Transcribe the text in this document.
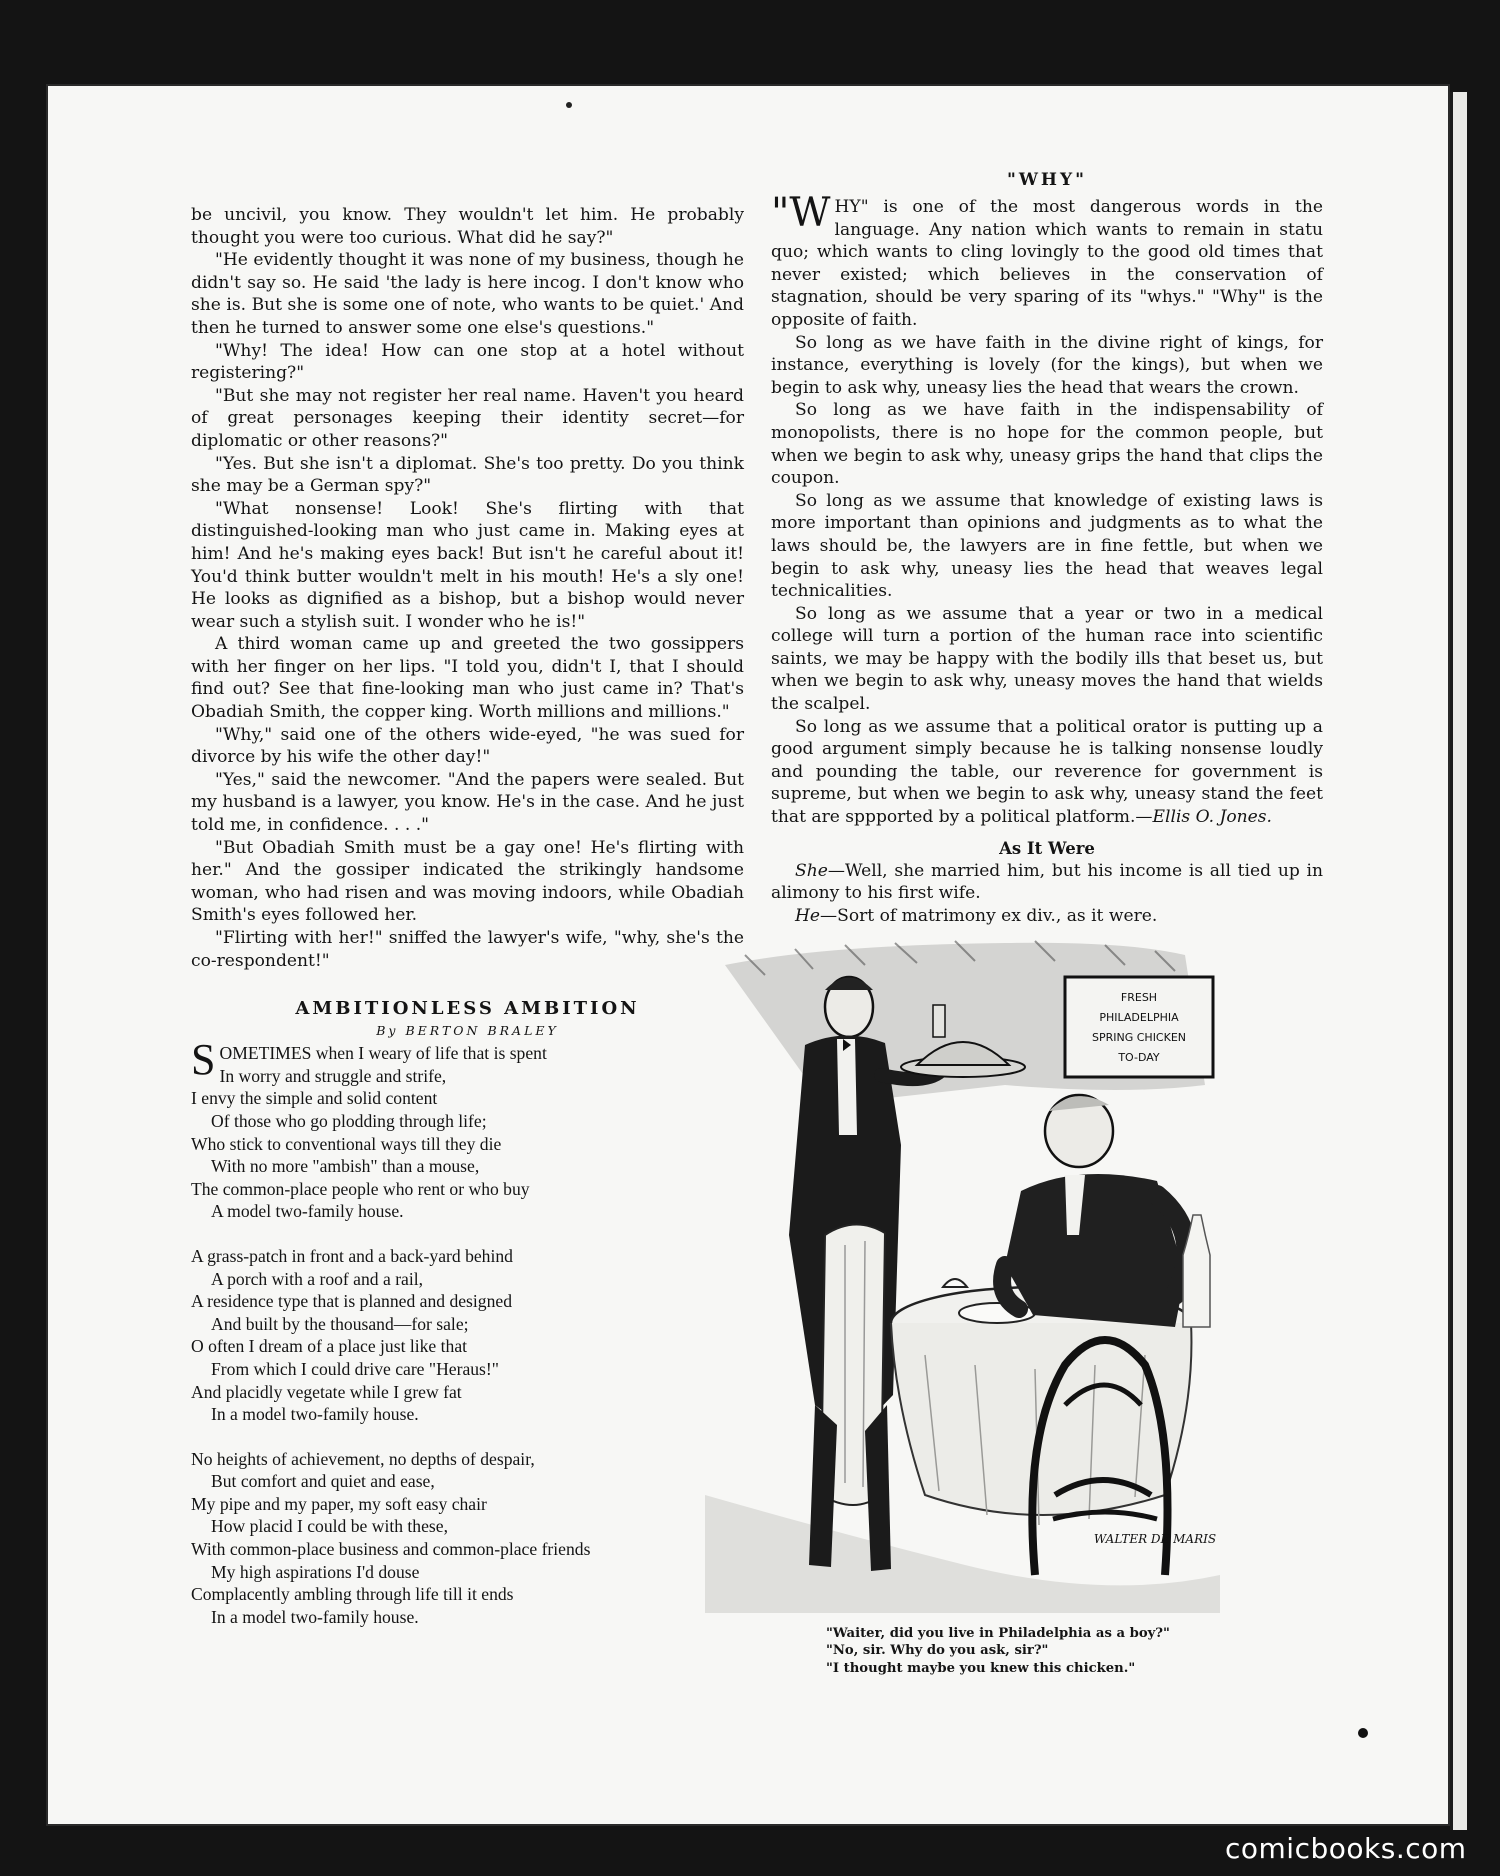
be uncivil, you know. They wouldn't let him. He probably thought you were too curious. What did he say?"

"He evidently thought it was none of my business, though he didn't say so. He said 'the lady is here incog. I don't know who she is. But she is some one of note, who wants to be quiet.' And then he turned to answer some one else's questions."

"Why! The idea! How can one stop at a hotel without registering?"

"But she may not register her real name. Haven't you heard of great personages keeping their identity secret—for diplomatic or other reasons?"

"Yes. But she isn't a diplomat. She's too pretty. Do you think she may be a German spy?"

"What nonsense! Look! She's flirting with that distinguished-looking man who just came in. Making eyes at him! And he's making eyes back! But isn't he careful about it! You'd think butter wouldn't melt in his mouth! He's a sly one! He looks as dignified as a bishop, but a bishop would never wear such a stylish suit. I wonder who he is!"

A third woman came up and greeted the two gossippers with her finger on her lips. "I told you, didn't I, that I should find out? See that fine-looking man who just came in? That's Obadiah Smith, the copper king. Worth millions and millions."

"Why," said one of the others wide-eyed, "he was sued for divorce by his wife the other day!"

"Yes," said the newcomer. "And the papers were sealed. But my husband is a lawyer, you know. He's in the case. And he just told me, in confidence. . . ."

"But Obadiah Smith must be a gay one! He's flirting with her." And the gossiper indicated the strikingly handsome woman, who had risen and was moving indoors, while Obadiah Smith's eyes followed her.

"Flirting with her!" sniffed the lawyer's wife, "why, she's the co-respondent!"

AMBITIONLESS AMBITION
By BERTON BRALEY
SOMETIMES when I weary of life that is spent
In worry and struggle and strife,
I envy the simple and solid content
Of those who go plodding through life;
Who stick to conventional ways till they die
With no more "ambish" than a mouse,
The common-place people who rent or who buy
A model two-family house.
A grass-patch in front and a back-yard behind
A porch with a roof and a rail,
A residence type that is planned and designed
And built by the thousand—for sale;
O often I dream of a place just like that
From which I could drive care "Heraus!"
And placidly vegetate while I grew fat
In a model two-family house.
No heights of achievement, no depths of despair,
But comfort and quiet and ease,
My pipe and my paper, my soft easy chair
How placid I could be with these,
With common-place business and common-place friends
My high aspirations I'd douse
Complacently ambling through life till it ends
In a model two-family house.
"WHY"

"WHY" is one of the most dangerous words in the language. Any nation which wants to remain in statu quo; which wants to cling lovingly to the good old times that never existed; which believes in the conservation of stagnation, should be very sparing of its "whys." "Why" is the opposite of faith.

So long as we have faith in the divine right of kings, for instance, everything is lovely (for the kings), but when we begin to ask why, uneasy lies the head that wears the crown.

So long as we have faith in the indispensability of monopolists, there is no hope for the common people, but when we begin to ask why, uneasy grips the hand that clips the coupon.

So long as we assume that knowledge of existing laws is more important than opinions and judgments as to what the laws should be, the lawyers are in fine fettle, but when we begin to ask why, uneasy lies the head that weaves legal technicalities.

So long as we assume that a year or two in a medical college will turn a portion of the human race into scientific saints, we may be happy with the bodily ills that beset us, but when we begin to ask why, uneasy moves the hand that wields the scalpel.

So long as we assume that a political orator is putting up a good argument simply because he is talking nonsense loudly and pounding the table, our reverence for government is supreme, but when we begin to ask why, uneasy stand the feet that are sppported by a political platform.—Ellis O. Jones.

As It Were

She—Well, she married him, but his income is all tied up in alimony to his first wife.

He—Sort of matrimony ex div., as it were.

FRESH
PHILADELPHIA
SPRING CHICKEN
TO-DAY
WALTER DE MARIS
"Waiter, did you live in Philadelphia as a boy?"
"No, sir. Why do you ask, sir?"
"I thought maybe you knew this chicken."
comicbooks.com
